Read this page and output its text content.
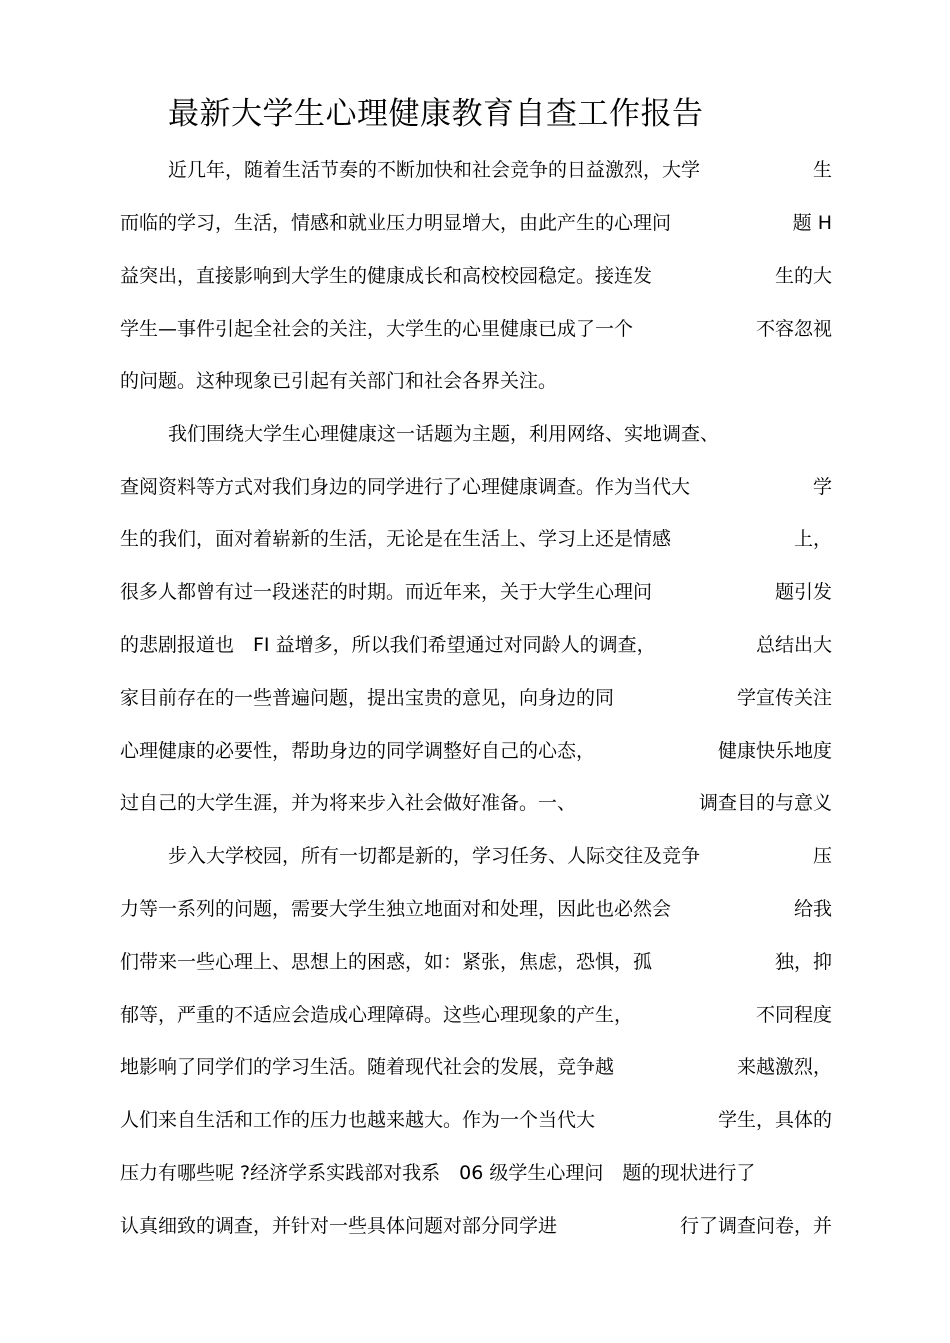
最新大学生心理健康教育自查工作报告
近几年，随着生活节奏的不断加快和社会竞争的日益激烈，大学	生
而临的学习，生活，情感和就业压力明显增大，由此产生的心理问	题 H
益突出，直接影响到大学生的健康成长和高校校园稳定。接连发	生的大
学生—事件引起全社会的关注，大学生的心里健康已成了一个	不容忽视
的问题。这种现象已引起有关部门和社会各界关注。
我们围绕大学生心理健康这一话题为主题，利用网络、实地调查、
查阅资料等方式对我们身边的同学进行了心理健康调查。作为当代大	学
生的我们，面对着崭新的生活，无论是在生活上、学习上还是情感	上，
很多人都曾有过一段迷茫的时期。而近年来，关于大学生心理问	题引发
的悲剧报道也　FI 益增多，所以我们希望通过对同龄人的调查，	总结出大
家目前存在的一些普遍问题，提出宝贵的意见，向身边的同	学宣传关注
心理健康的必要性，帮助身边的同学调整好自己的心态，	健康快乐地度
过自己的大学生涯，并为将来步入社会做好准备。一、	调查目的与意义
步入大学校园，所有一切都是新的，学习任务、人际交往及竞争	压
力等一系列的问题，需要大学生独立地面对和处理，因此也必然会	给我
们带来一些心理上、思想上的困惑，如：紧张，焦虑，恐惧，孤	独，抑
郁等，严重的不适应会造成心理障碍。这些心理现象的产生，	不同程度
地影响了同学们的学习生活。随着现代社会的发展，竞争越	来越激烈，
人们来自生活和工作的压力也越来越大。作为一个当代大	学生，具体的
压力有哪些呢 ?经济学系实践部对我系　06 级学生心理问　题的现状进行了
认真细致的调查，并针对一些具体问题对部分同学进	行了调查问卷，并
